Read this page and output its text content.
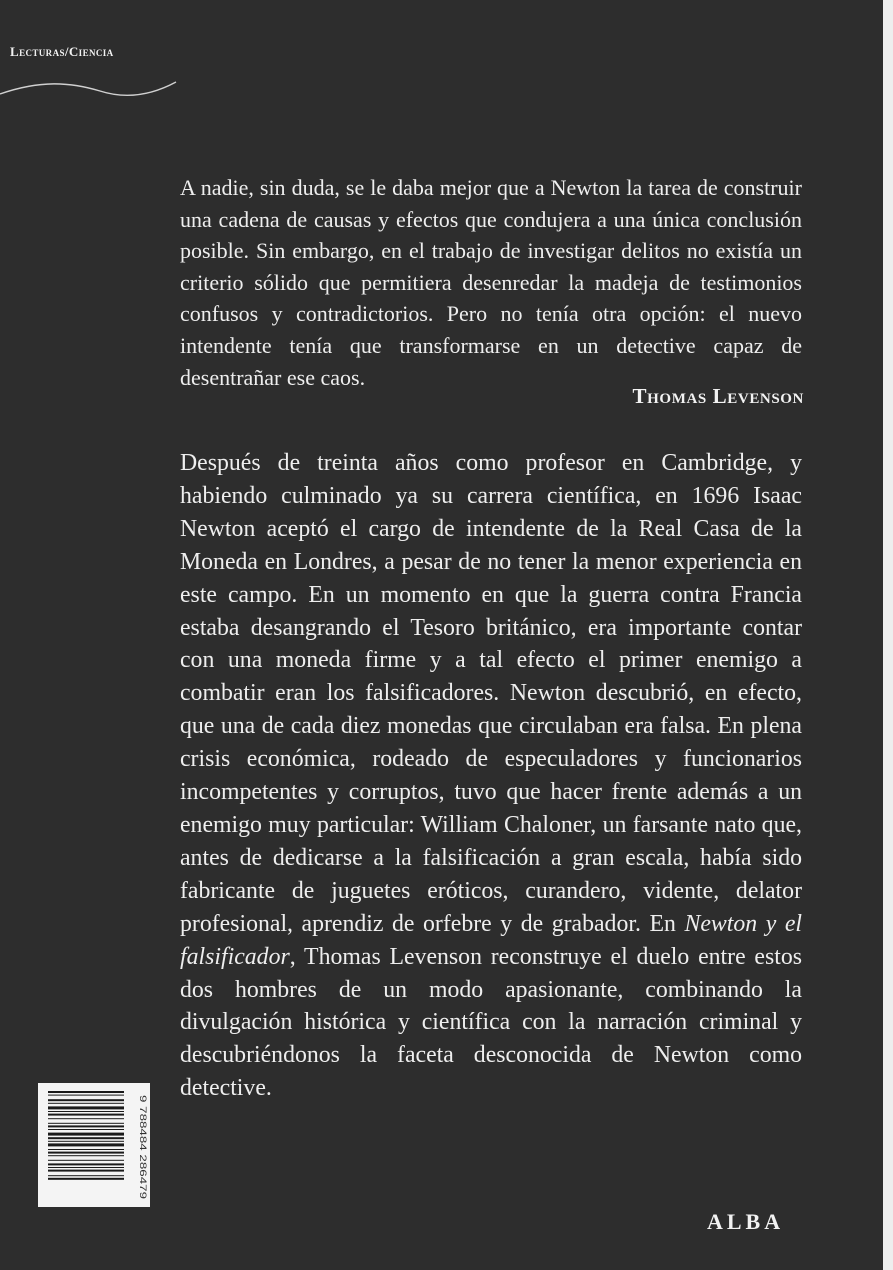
Lecturas/Ciencia

A nadie, sin duda, se le daba mejor que a Newton la tarea de construir una cadena de causas y efectos que condujera a una única conclusión posible. Sin embargo, en el trabajo de investigar delitos no existía un criterio sólido que permitiera desenredar la madeja de testimonios confusos y contradictorios. Pero no tenía otra opción: el nuevo intendente tenía que transformarse en un detective capaz de desentrañar ese caos.

Thomas Levenson

Después de treinta años como profesor en Cambridge, y habiendo culminado ya su carrera científica, en 1696 Isaac Newton aceptó el cargo de intendente de la Real Casa de la Moneda en Londres, a pesar de no tener la menor experiencia en este campo. En un momento en que la guerra contra Francia estaba desangrando el Tesoro británico, era importante contar con una moneda firme y a tal efecto el primer enemigo a combatir eran los falsificadores. Newton descubrió, en efecto, que una de cada diez monedas que circulaban era falsa. En plena crisis económica, rodeado de especuladores y funcionarios incompetentes y corruptos, tuvo que hacer frente además a un enemigo muy particular: William Chaloner, un farsante nato que, antes de dedicarse a la falsificación a gran escala, había sido fabricante de juguetes eróticos, curandero, vidente, delator profesional, aprendiz de orfebre y de grabador. En Newton y el falsificador, Thomas Levenson reconstruye el duelo entre estos dos hombres de un modo apasionante, combinando la divulgación histórica y científica con la narración criminal y descubriéndonos la faceta desconocida de Newton como detective.

9 788484 286479
ALBA
